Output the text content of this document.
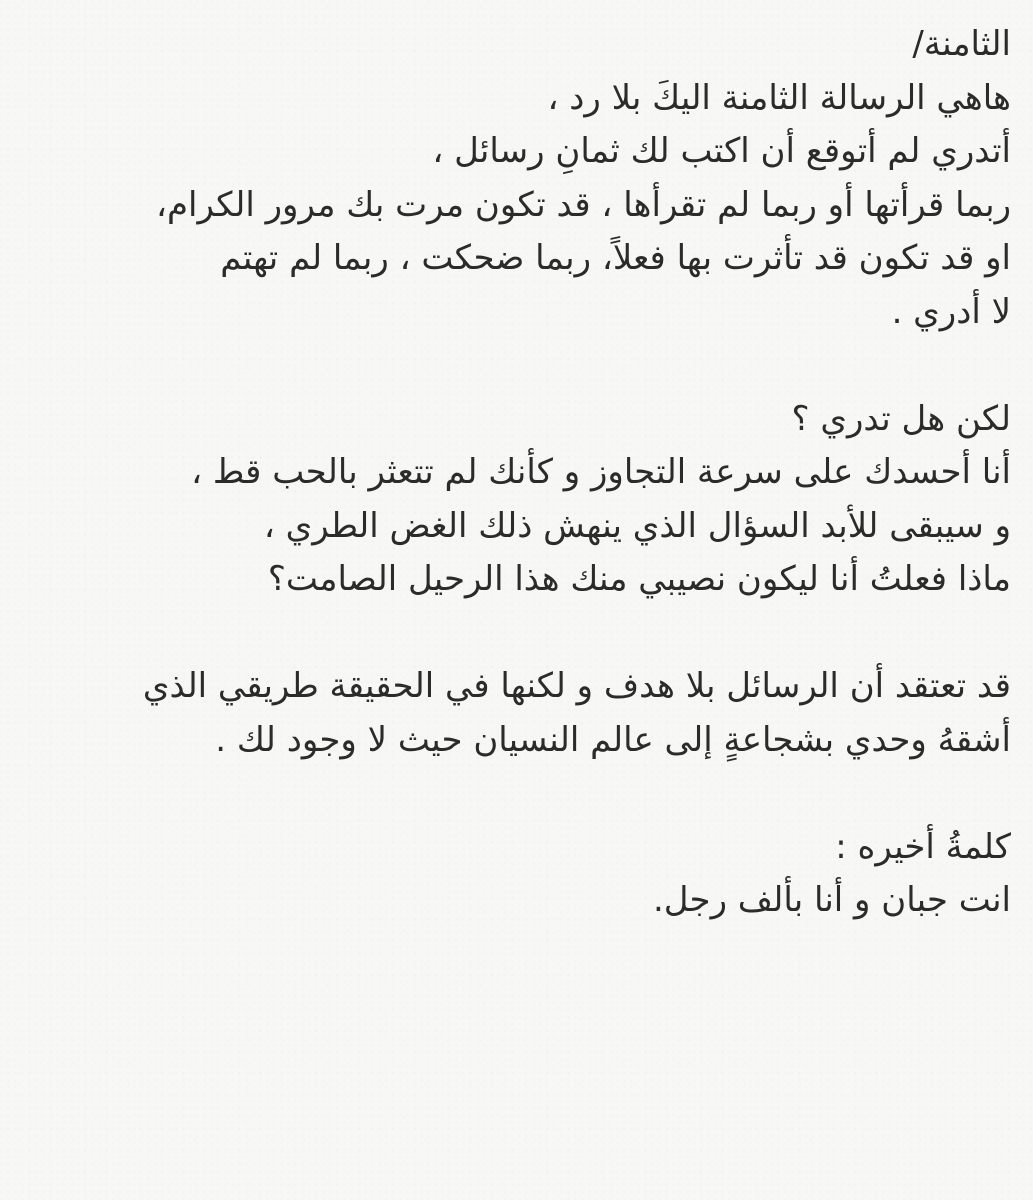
الثامنة/
هاهي الرسالة الثامنة اليكَ بلا رد ،
أتدري لم أتوقع أن اكتب لك ثمانِ رسائل ،
ربما قرأتها أو ربما لم تقرأها ، قد تكون مرت بك مرور الكرام،
او قد تكون قد تأثرت بها فعلاً، ربما ضحكت ، ربما لم تهتم
لا أدري .
لكن هل تدري ؟
أنا أحسدك على سرعة التجاوز و كأنك لم تتعثر بالحب قط ،
و سيبقى للأبد السؤال الذي ينهش ذلك الغض الطري ،
ماذا فعلتُ أنا ليكون نصيبي منك هذا الرحيل الصامت؟
قد تعتقد أن الرسائل بلا هدف و لكنها في الحقيقة طريقي الذي
أشقهُ وحدي بشجاعةٍ إلى عالم النسيان حيث لا وجود لك .
كلمةُ أخيره :
انت جبان و أنا بألف رجل.
